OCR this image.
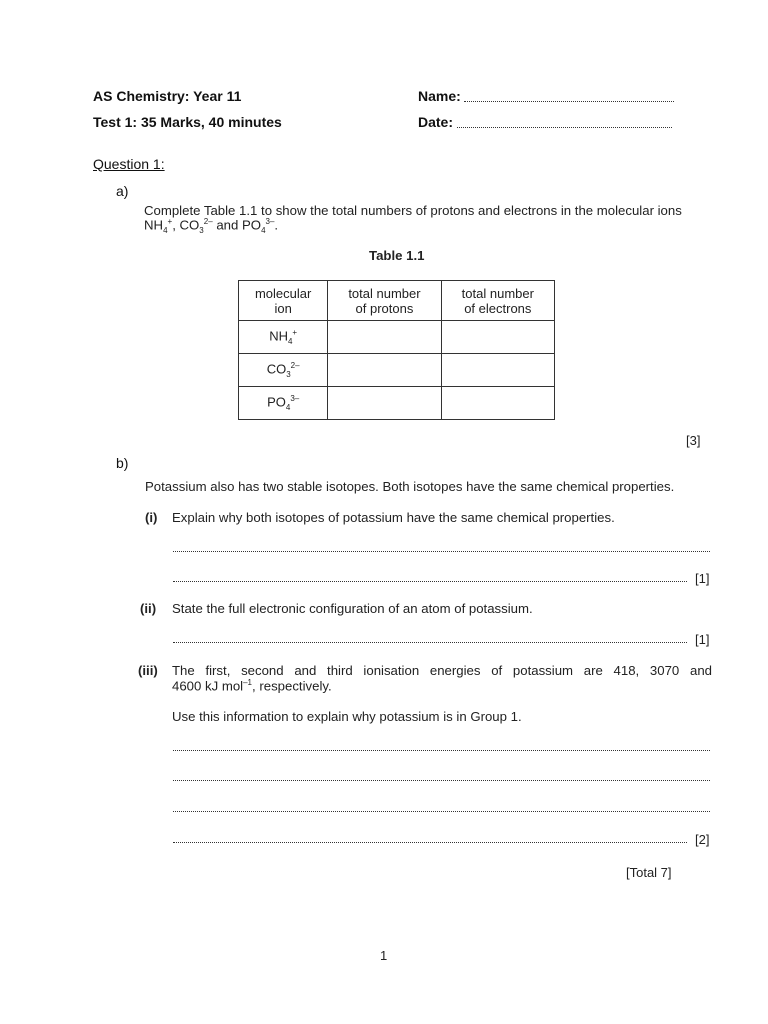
AS Chemistry: Year 11
Test 1: 35 Marks, 40 minutes
Name:
Date:
Question 1:
a)
Complete Table 1.1 to show the total numbers of protons and electrons in the molecular ions
$NH_4^+$, $CO_3^{2-}$ and $PO_4^{3-}$.
Table 1.1
molecular ion	total number of protons	total number of electrons
$NH_4^+$		
$CO_3^{2-}$		
$PO_4^{3-}$		
[3]
b)
Potassium also has two stable isotopes. Both isotopes have the same chemical properties.
(i) Explain why both isotopes of potassium have the same chemical properties.
[1]
(ii) State the full electronic configuration of an atom of potassium.
[1]
(iii) The first, second and third ionisation energies of potassium are 418, 3070 and
4600 kJ mol$^{-1}$, respectively.
Use this information to explain why potassium is in Group 1.
[2]
[Total 7]
1
